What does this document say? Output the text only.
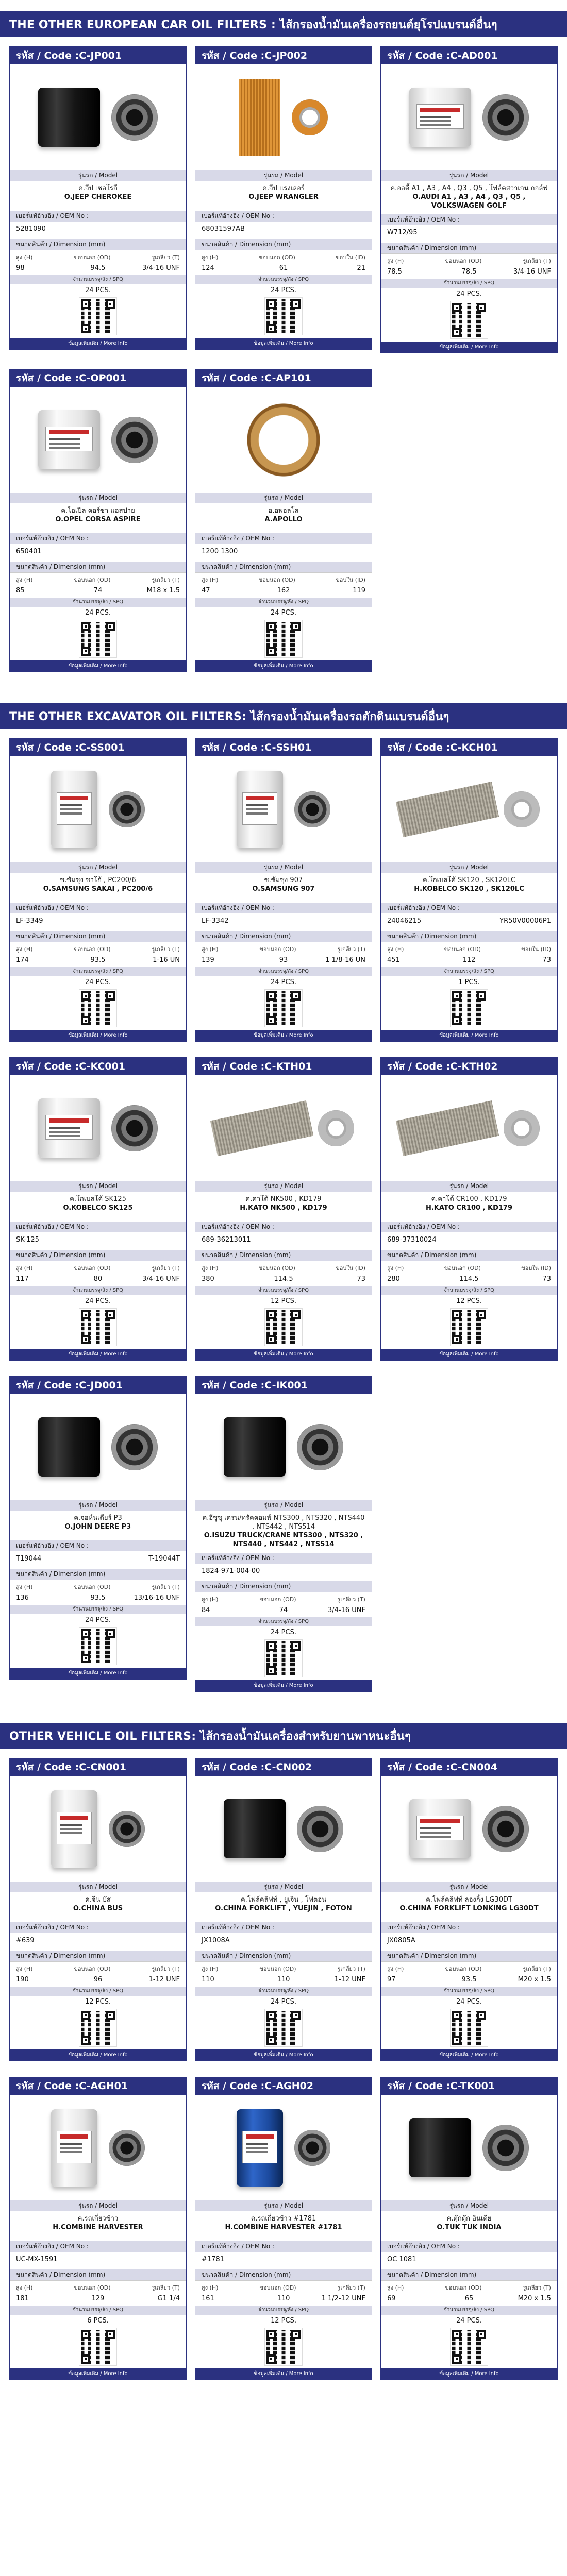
THE OTHER EUROPEAN CAR OIL FILTERS : ไส้กรองน้ำมันเครื่องรถยนต์ยุโรปแบรนด์อื่นๆ
รหัส / Code : C-JP001
รุ่นรถ / Model
ค.จีป เชอโรกี
O.JEEP CHEROKEE
เบอร์แท้อ้างอิง / OEM No :
5281090
ขนาดสินค้า / Dimension (mm)
สูง (H)	ขอบนอก (OD)	รูเกลียว (T)
98	94.5	3/4-16 UNF
จำนวนบรรจุ/ลัง / SPQ
24 PCS.
ข้อมูลเพิ่มเติม / More Info
รหัส / Code : C-JP002
รุ่นรถ / Model
ค.จีป แรงเลอร์
O.JEEP WRANGLER
เบอร์แท้อ้างอิง / OEM No :
68031597AB
ขนาดสินค้า / Dimension (mm)
สูง (H)	ขอบนอก (OD)	ขอบใน (ID)
124	61	21
จำนวนบรรจุ/ลัง / SPQ
24 PCS.
ข้อมูลเพิ่มเติม / More Info
รหัส / Code : C-AD001
รุ่นรถ / Model
ค.ออดี้ A1 , A3 , A4 , Q3 , Q5 , โฟล์คสวาเกน กอล์ฟ
O.AUDI A1 , A3 , A4 , Q3 , Q5 , VOLKSWAGEN GOLF
เบอร์แท้อ้างอิง / OEM No :
W712/95
ขนาดสินค้า / Dimension (mm)
สูง (H)	ขอบนอก (OD)	รูเกลียว (T)
78.5	78.5	3/4-16 UNF
จำนวนบรรจุ/ลัง / SPQ
24 PCS.
ข้อมูลเพิ่มเติม / More Info
รหัส / Code : C-OP001
รุ่นรถ / Model
ค.โอเปิล คอร์ซ่า แอสปาย
O.OPEL CORSA ASPIRE
เบอร์แท้อ้างอิง / OEM No :
650401
ขนาดสินค้า / Dimension (mm)
สูง (H)	ขอบนอก (OD)	รูเกลียว (T)
85	74	M18 x 1.5
จำนวนบรรจุ/ลัง / SPQ
24 PCS.
ข้อมูลเพิ่มเติม / More Info
รหัส / Code : C-AP101
รุ่นรถ / Model
อ.อพอลโล
A.APOLLO
เบอร์แท้อ้างอิง / OEM No :
1200 1300
ขนาดสินค้า / Dimension (mm)
สูง (H)	ขอบนอก (OD)	ขอบใน (ID)
47	162	119
จำนวนบรรจุ/ลัง / SPQ
24 PCS.
ข้อมูลเพิ่มเติม / More Info
THE OTHER EXCAVATOR OIL FILTERS: ไส้กรองน้ำมันเครื่องรถตักดินแบรนด์อื่นๆ
รหัส / Code : C-SS001
รุ่นรถ / Model
ซ.ซัมซุง ซาโก้ , PC200/6
O.SAMSUNG SAKAI , PC200/6
เบอร์แท้อ้างอิง / OEM No :
LF-3349
ขนาดสินค้า / Dimension (mm)
สูง (H)	ขอบนอก (OD)	รูเกลียว (T)
174	93.5	1-16 UN
จำนวนบรรจุ/ลัง / SPQ
24 PCS.
ข้อมูลเพิ่มเติม / More Info
รหัส / Code : C-SSH01
รุ่นรถ / Model
ซ.ซัมซุง 907
O.SAMSUNG 907
เบอร์แท้อ้างอิง / OEM No :
LF-3342
ขนาดสินค้า / Dimension (mm)
สูง (H)	ขอบนอก (OD)	รูเกลียว (T)
139	93	1 1/8-16 UN
จำนวนบรรจุ/ลัง / SPQ
24 PCS.
ข้อมูลเพิ่มเติม / More Info
รหัส / Code : C-KCH01
รุ่นรถ / Model
ค.โกเบลโค้ SK120 , SK120LC
H.KOBELCO SK120 , SK120LC
เบอร์แท้อ้างอิง / OEM No :
24046215	YR50V00006P1
ขนาดสินค้า / Dimension (mm)
สูง (H)	ขอบนอก (OD)	ขอบใน (ID)
451	112	73
จำนวนบรรจุ/ลัง / SPQ
1 PCS.
ข้อมูลเพิ่มเติม / More Info
รหัส / Code : C-KC001
รุ่นรถ / Model
ค.โกเบลโค้ SK125
O.KOBELCO SK125
เบอร์แท้อ้างอิง / OEM No :
SK-125
ขนาดสินค้า / Dimension (mm)
สูง (H)	ขอบนอก (OD)	รูเกลียว (T)
117	80	3/4-16 UNF
จำนวนบรรจุ/ลัง / SPQ
24 PCS.
ข้อมูลเพิ่มเติม / More Info
รหัส / Code : C-KTH01
รุ่นรถ / Model
ค.คาโต้ NK500 , KD179
H.KATO NK500 , KD179
เบอร์แท้อ้างอิง / OEM No :
689-36213011
ขนาดสินค้า / Dimension (mm)
สูง (H)	ขอบนอก (OD)	ขอบใน (ID)
380	114.5	73
จำนวนบรรจุ/ลัง / SPQ
12 PCS.
ข้อมูลเพิ่มเติม / More Info
รหัส / Code : C-KTH02
รุ่นรถ / Model
ค.คาโต้ CR100 , KD179
H.KATO CR100 , KD179
เบอร์แท้อ้างอิง / OEM No :
689-37310024
ขนาดสินค้า / Dimension (mm)
สูง (H)	ขอบนอก (OD)	ขอบใน (ID)
280	114.5	73
จำนวนบรรจุ/ลัง / SPQ
12 PCS.
ข้อมูลเพิ่มเติม / More Info
รหัส / Code : C-JD001
รุ่นรถ / Model
ค.จอห์นเดียร์ P3
O.JOHN DEERE P3
เบอร์แท้อ้างอิง / OEM No :
T19044	T-19044T
ขนาดสินค้า / Dimension (mm)
สูง (H)	ขอบนอก (OD)	รูเกลียว (T)
136	93.5	13/16-16 UNF
จำนวนบรรจุ/ลัง / SPQ
24 PCS.
ข้อมูลเพิ่มเติม / More Info
รหัส / Code : C-IK001
รุ่นรถ / Model
ค.อีซูซุ เครน/ทรัคคอมพ์ NTS300 , NTS320 , NTS440 , NTS442 , NTS514
O.ISUZU TRUCK/CRANE NTS300 , NTS320 , NTS440 , NTS442 , NTS514
เบอร์แท้อ้างอิง / OEM No :
1824-971-004-00
ขนาดสินค้า / Dimension (mm)
สูง (H)	ขอบนอก (OD)	รูเกลียว (T)
84	74	3/4-16 UNF
จำนวนบรรจุ/ลัง / SPQ
24 PCS.
ข้อมูลเพิ่มเติม / More Info
OTHER VEHICLE OIL FILTERS: ไส้กรองน้ำมันเครื่องสำหรับยานพาหนะอื่นๆ
รหัส / Code : C-CN001
รุ่นรถ / Model
ค.จีน บัส
O.CHINA BUS
เบอร์แท้อ้างอิง / OEM No :
#639
ขนาดสินค้า / Dimension (mm)
สูง (H)	ขอบนอก (OD)	รูเกลียว (T)
190	96	1-12 UNF
จำนวนบรรจุ/ลัง / SPQ
12 PCS.
ข้อมูลเพิ่มเติม / More Info
รหัส / Code : C-CN002
รุ่นรถ / Model
ค.โฟล์คลิฟท์ , ยูเจิน , โฟตอน
O.CHINA FORKLIFT , YUEJIN , FOTON
เบอร์แท้อ้างอิง / OEM No :
JX1008A
ขนาดสินค้า / Dimension (mm)
สูง (H)	ขอบนอก (OD)	รูเกลียว (T)
110	110	1-12 UNF
จำนวนบรรจุ/ลัง / SPQ
24 PCS.
ข้อมูลเพิ่มเติม / More Info
รหัส / Code : C-CN004
รุ่นรถ / Model
ค.โฟล์คลิฟท์ ลองกิ้ง LG30DT
O.CHINA FORKLIFT LONKING LG30DT
เบอร์แท้อ้างอิง / OEM No :
JX0805A
ขนาดสินค้า / Dimension (mm)
สูง (H)	ขอบนอก (OD)	รูเกลียว (T)
97	93.5	M20 x 1.5
จำนวนบรรจุ/ลัง / SPQ
24 PCS.
ข้อมูลเพิ่มเติม / More Info
รหัส / Code : C-AGH01
รุ่นรถ / Model
ค.รถเกี่ยวข้าว
H.COMBINE HARVESTER
เบอร์แท้อ้างอิง / OEM No :
UC-MX-1591
ขนาดสินค้า / Dimension (mm)
สูง (H)	ขอบนอก (OD)	รูเกลียว (T)
181	129	G1 1/4
จำนวนบรรจุ/ลัง / SPQ
6 PCS.
ข้อมูลเพิ่มเติม / More Info
รหัส / Code : C-AGH02
รุ่นรถ / Model
ค.รถเกี่ยวข้าว #1781
H.COMBINE HARVESTER #1781
เบอร์แท้อ้างอิง / OEM No :
#1781
ขนาดสินค้า / Dimension (mm)
สูง (H)	ขอบนอก (OD)	รูเกลียว (T)
161	110	1 1/2-12 UNF
จำนวนบรรจุ/ลัง / SPQ
12 PCS.
ข้อมูลเพิ่มเติม / More Info
รหัส / Code : C-TK001
รุ่นรถ / Model
ค.ตุ๊กตุ๊ก อินเดีย
O.TUK TUK INDIA
เบอร์แท้อ้างอิง / OEM No :
OC 1081
ขนาดสินค้า / Dimension (mm)
สูง (H)	ขอบนอก (OD)	รูเกลียว (T)
69	65	M20 x 1.5
จำนวนบรรจุ/ลัง / SPQ
24 PCS.
ข้อมูลเพิ่มเติม / More Info
